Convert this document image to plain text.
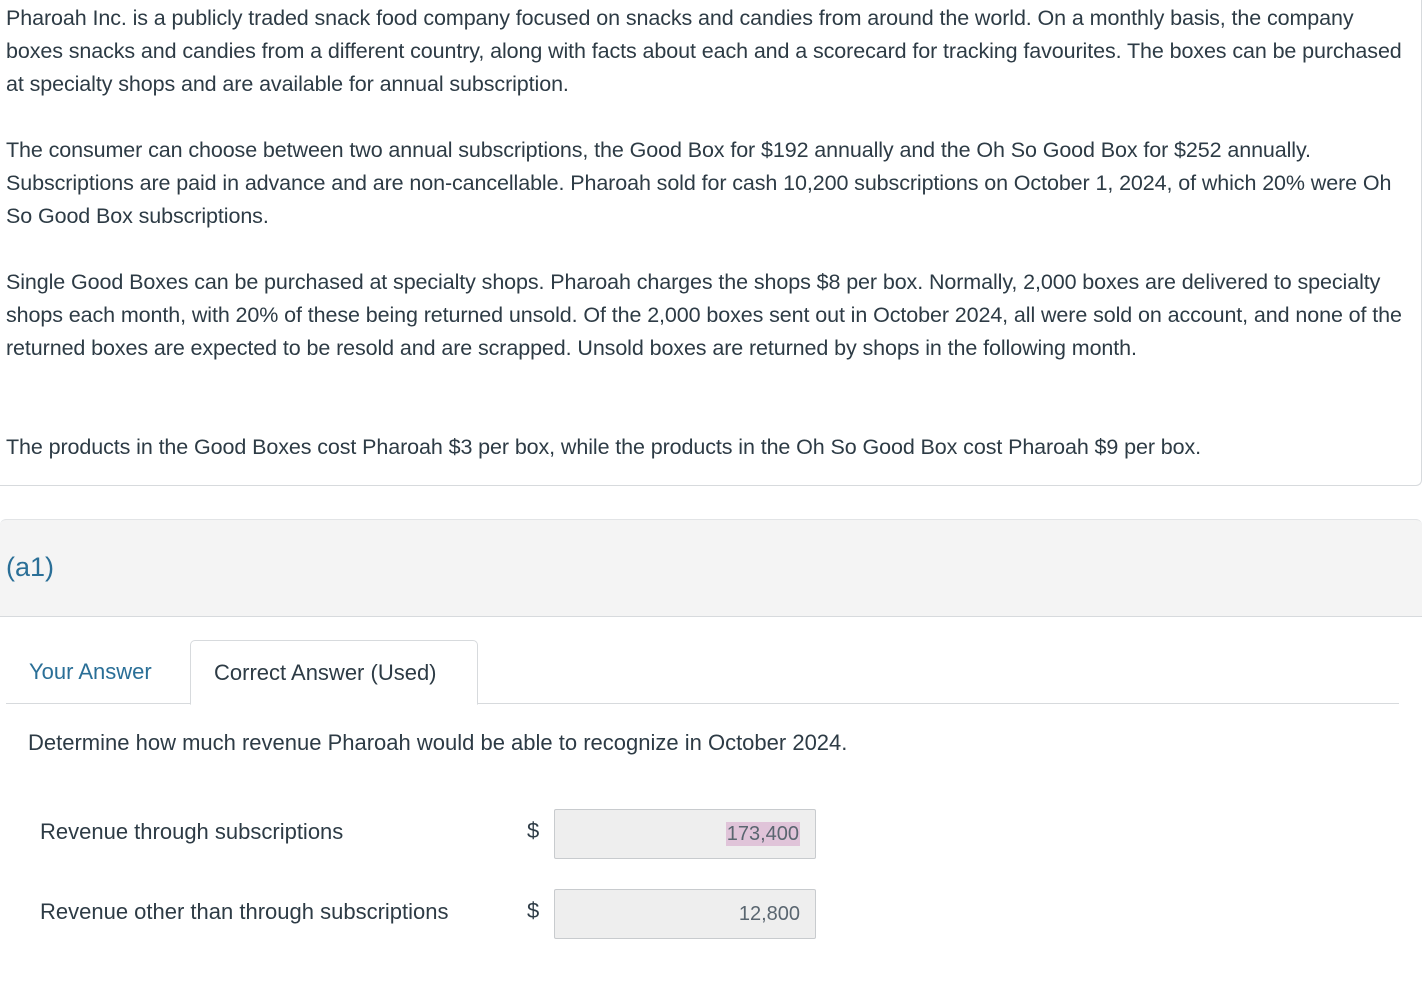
Pharoah Inc. is a publicly traded snack food company focused on snacks and candies from around the world. On a monthly basis, the company boxes snacks and candies from a different country, along with facts about each and a scorecard for tracking favourites. The boxes can be purchased at specialty shops and are available for annual subscription.

The consumer can choose between two annual subscriptions, the Good Box for $192 annually and the Oh So Good Box for $252 annually. Subscriptions are paid in advance and are non-cancellable. Pharoah sold for cash 10,200 subscriptions on October 1, 2024, of which 20% were Oh So Good Box subscriptions.

Single Good Boxes can be purchased at specialty shops. Pharoah charges the shops $8 per box. Normally, 2,000 boxes are delivered to specialty shops each month, with 20% of these being returned unsold. Of the 2,000 boxes sent out in October 2024, all were sold on account, and none of the returned boxes are expected to be resold and are scrapped. Unsold boxes are returned by shops in the following month.

The products in the Good Boxes cost Pharoah $3 per box, while the products in the Oh So Good Box cost Pharoah $9 per box.

(a1)
Your Answer	Correct Answer (Used)
Determine how much revenue Pharoah would be able to recognize in October 2024.
Revenue through subscriptions	$	173,400
Revenue other than through subscriptions	$	12,800
